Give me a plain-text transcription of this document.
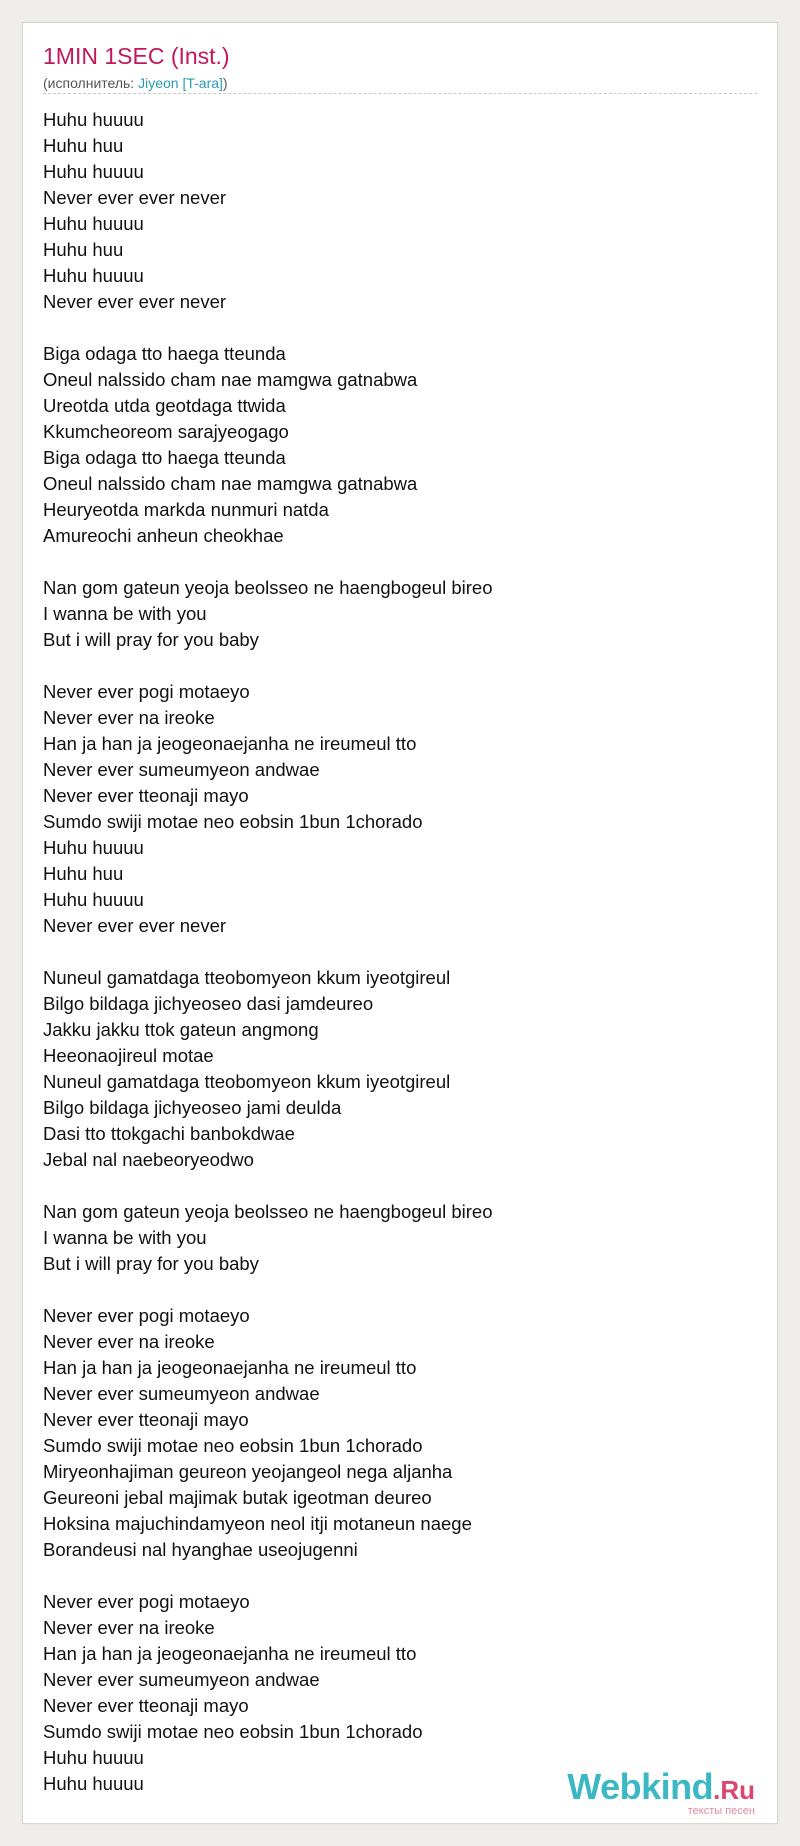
1MIN 1SEC (Inst.)
(исполнитель: Jiyeon [T-ara])
Huhu huuuu
Huhu huu
Huhu huuuu
Never ever ever never
Huhu huuuu
Huhu huu
Huhu huuuu
Never ever ever never
Biga odaga tto haega tteunda
Oneul nalssido cham nae mamgwa gatnabwa
Ureotda utda geotdaga ttwida
Kkumcheoreom sarajyeogago
Biga odaga tto haega tteunda
Oneul nalssido cham nae mamgwa gatnabwa
Heuryeotda markda nunmuri natda
Amureochi anheun cheokhae
Nan gom gateun yeoja beolsseo ne haengbogeul bireo
I wanna be with you
But i will pray for you baby
Never ever pogi motaeyo
Never ever na ireoke
Han ja han ja jeogeonaejanha ne ireumeul tto
Never ever sumeumyeon andwae
Never ever tteonaji mayo
Sumdo swiji motae neo eobsin 1bun 1chorado
Huhu huuuu
Huhu huu
Huhu huuuu
Never ever ever never
Nuneul gamatdaga tteobomyeon kkum iyeotgireul
Bilgo bildaga jichyeoseo dasi jamdeureo
Jakku jakku ttok gateun angmong
Heeonaojireul motae
Nuneul gamatdaga tteobomyeon kkum iyeotgireul
Bilgo bildaga jichyeoseo jami deulda
Dasi tto ttokgachi banbokdwae
Jebal nal naebeoryeodwo
Nan gom gateun yeoja beolsseo ne haengbogeul bireo
I wanna be with you
But i will pray for you baby
Never ever pogi motaeyo
Never ever na ireoke
Han ja han ja jeogeonaejanha ne ireumeul tto
Never ever sumeumyeon andwae
Never ever tteonaji mayo
Sumdo swiji motae neo eobsin 1bun 1chorado
Miryeonhajiman geureon yeojangeol nega aljanha
Geureoni jebal majimak butak igeotman deureo
Hoksina majuchindamyeon neol itji motaneun naege
Borandeusi nal hyanghae useojugenni
Never ever pogi motaeyo
Never ever na ireoke
Han ja han ja jeogeonaejanha ne ireumeul tto
Never ever sumeumyeon andwae
Never ever tteonaji mayo
Sumdo swiji motae neo eobsin 1bun 1chorado
Huhu huuuu
Huhu huuuu	Webkind.Ru
тексты песен
